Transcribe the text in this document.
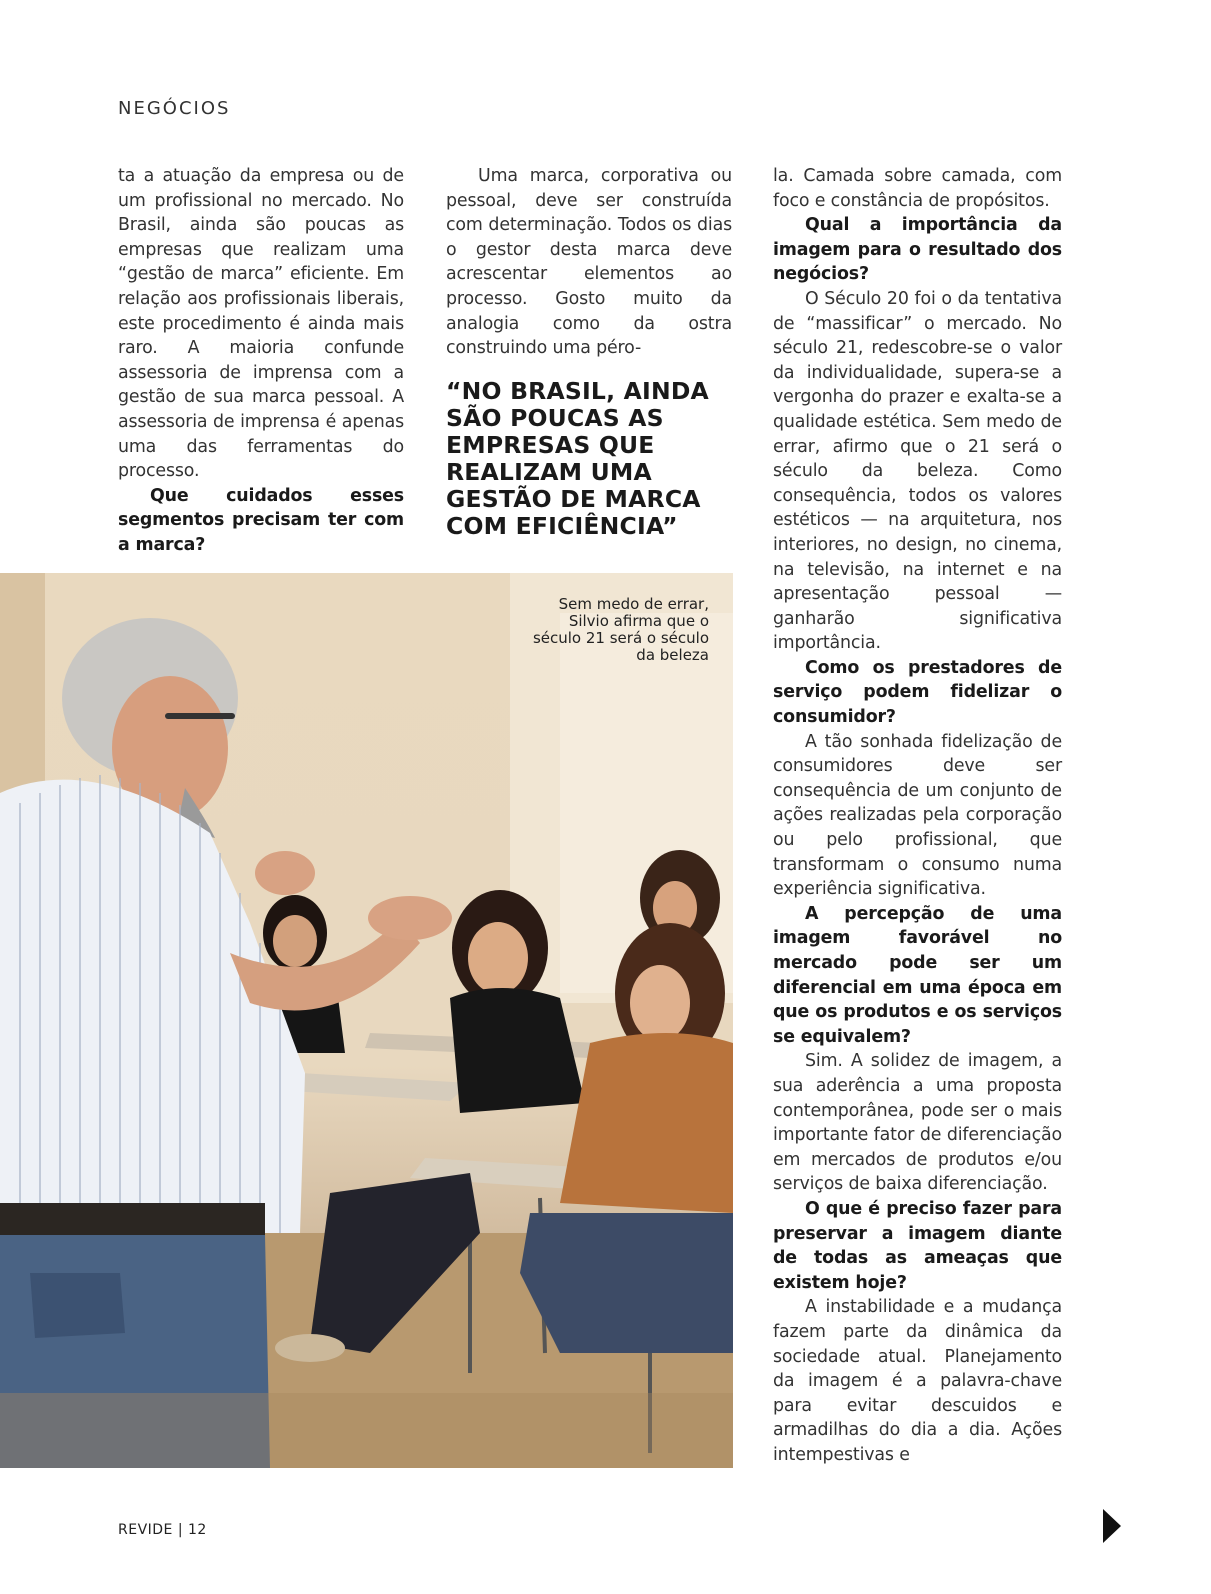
NEGÓCIOS

ta a atuação da empresa ou de um profissional no mercado. No Brasil, ainda são poucas as empresas que realizam uma “gestão de marca” eficiente. Em relação aos profissionais liberais, este procedimento é ainda mais raro. A maioria confunde assessoria de imprensa com a gestão de sua marca pessoal. A assessoria de imprensa é apenas uma das ferramentas do processo.

Que cuidados esses segmentos precisam ter com a marca?

Uma marca, corporativa ou pessoal, deve ser construída com determinação. Todos os dias o gestor desta marca deve acrescentar elementos ao processo. Gosto muito da analogia como da ostra construindo uma péro-

“NO BRASIL, AINDA SÃO POUCAS AS EMPRESAS QUE REALIZAM UMA GESTÃO DE MARCA COM EFICIÊNCIA”

la. Camada sobre camada, com foco e constância de propósitos.

Qual a importância da imagem para o resultado dos negócios?

O Século 20 foi o da tentativa de “massificar” o mercado. No século 21, redescobre-se o valor da individualidade, supera-se a vergonha do prazer e exalta-se a qualidade estética. Sem medo de errar, afirmo que o 21 será o século da beleza. Como consequência, todos os valores estéticos — na arquitetura, nos interiores, no design, no cinema, na televisão, na internet e na apresentação pessoal — ganharão significativa importância.

Como os prestadores de serviço podem fidelizar o consumidor?

A tão sonhada fidelização de consumidores deve ser consequência de um conjunto de ações realizadas pela corporação ou pelo profissional, que transformam o consumo numa experiência significativa.

A percepção de uma imagem favorável no mercado pode ser um diferencial em uma época em que os produtos e os serviços se equivalem?

Sim. A solidez de imagem, a sua aderência a uma proposta contemporânea, pode ser o mais importante fator de diferenciação em mercados de produtos e/ou serviços de baixa diferenciação.

O que é preciso fazer para preservar a imagem diante de todas as ameaças que existem hoje?

A instabilidade e a mudança fazem parte da dinâmica da sociedade atual. Planejamento da imagem é a palavra-chave para evitar descuidos e armadilhas do dia a dia. Ações intempestivas e

Sem medo de errar, Silvio afirma que o século 21 será o século da beleza
REVIDE | 12
